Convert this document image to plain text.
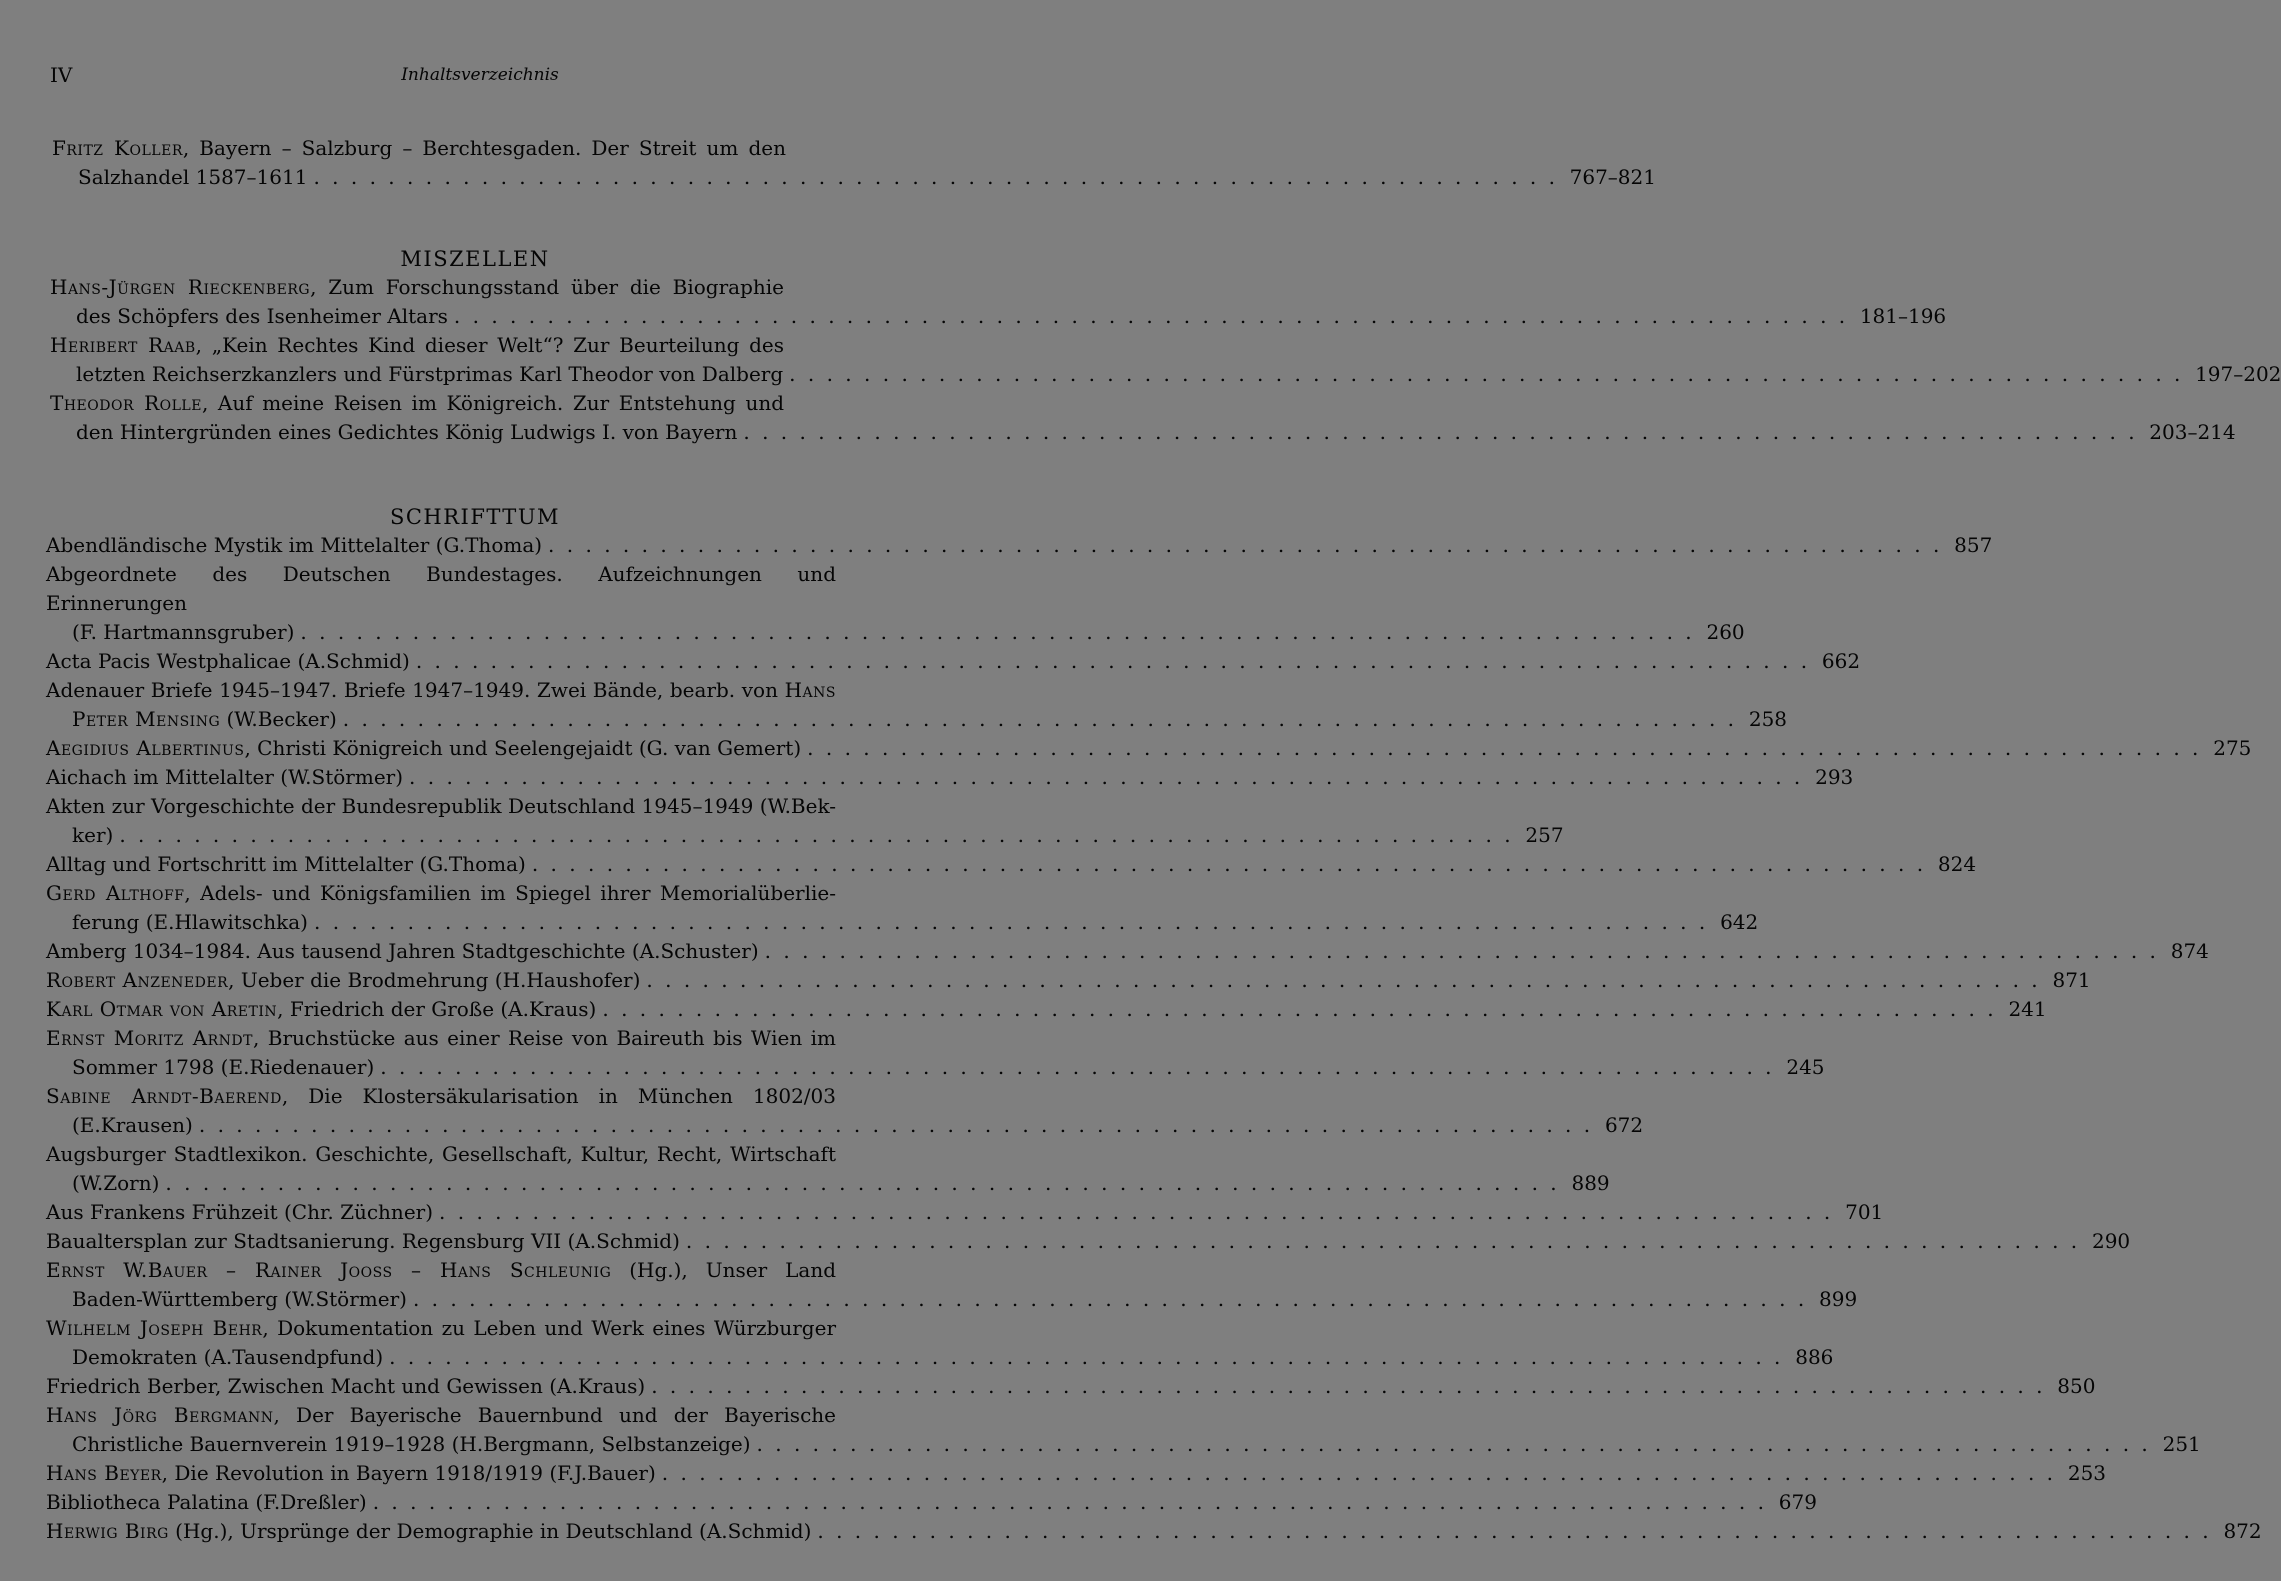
IV	Inhaltsverzeichnis
Fritz Koller, Bayern – Salzburg – Berchtesgaden. Der Streit um den
Salzhandel 1587–1611 . . . . . . . . . . . . . . . . . . . . . . . . . . . . . . . . . . . . . . . . . . . . . . . . . . . . . . . . . . . . . . . . . . . 767–821
MISZELLEN
Hans-Jürgen Rieckenberg, Zum Forschungsstand über die Biographie
des Schöpfers des Isenheimer Altars . . . . . . . . . . . . . . . . . . . . . . . . . . . . . . . . . . . . . . . . . . . . . . . . . . . . . . . . . . . . . . . . . . . . . . . . . . . 181–196
Heribert Raab, „Kein Rechtes Kind dieser Welt“? Zur Beurteilung des
letzten Reichserzkanzlers und Fürstprimas Karl Theodor von Dalberg . . . . . . . . . . . . . . . . . . . . . . . . . . . . . . . . . . . . . . . . . . . . . . . . . . . . . . . . . . . . . . . . . . . . . . . . . . . 197–202
Theodor Rolle, Auf meine Reisen im Königreich. Zur Entstehung und
den Hintergründen eines Gedichtes König Ludwigs I. von Bayern . . . . . . . . . . . . . . . . . . . . . . . . . . . . . . . . . . . . . . . . . . . . . . . . . . . . . . . . . . . . . . . . . . . . . . . . . . . 203–214
SCHRIFTTUM
Abendländische Mystik im Mittelalter (G.Thoma) . . . . . . . . . . . . . . . . . . . . . . . . . . . . . . . . . . . . . . . . . . . . . . . . . . . . . . . . . . . . . . . . . . . . . . . . . . . 857
Abgeordnete des Deutschen Bundestages. Aufzeichnungen und Erinnerungen
(F. Hartmannsgruber) . . . . . . . . . . . . . . . . . . . . . . . . . . . . . . . . . . . . . . . . . . . . . . . . . . . . . . . . . . . . . . . . . . . . . . . . . . . 260
Acta Pacis Westphalicae (A.Schmid) . . . . . . . . . . . . . . . . . . . . . . . . . . . . . . . . . . . . . . . . . . . . . . . . . . . . . . . . . . . . . . . . . . . . . . . . . . . 662
Adenauer Briefe 1945–1947. Briefe 1947–1949. Zwei Bände, bearb. von Hans
Peter Mensing (W.Becker) . . . . . . . . . . . . . . . . . . . . . . . . . . . . . . . . . . . . . . . . . . . . . . . . . . . . . . . . . . . . . . . . . . . . . . . . . . . 258
Aegidius Albertinus, Christi Königreich und Seelengejaidt (G. van Gemert) . . . . . . . . . . . . . . . . . . . . . . . . . . . . . . . . . . . . . . . . . . . . . . . . . . . . . . . . . . . . . . . . . . . . . . . . . . . 275
Aichach im Mittelalter (W.Störmer) . . . . . . . . . . . . . . . . . . . . . . . . . . . . . . . . . . . . . . . . . . . . . . . . . . . . . . . . . . . . . . . . . . . . . . . . . . . 293
Akten zur Vorgeschichte der Bundesrepublik Deutschland 1945–1949 (W.Bek-
ker) . . . . . . . . . . . . . . . . . . . . . . . . . . . . . . . . . . . . . . . . . . . . . . . . . . . . . . . . . . . . . . . . . . . . . . . . . . . 257
Alltag und Fortschritt im Mittelalter (G.Thoma) . . . . . . . . . . . . . . . . . . . . . . . . . . . . . . . . . . . . . . . . . . . . . . . . . . . . . . . . . . . . . . . . . . . . . . . . . . . 824
Gerd Althoff, Adels- und Königsfamilien im Spiegel ihrer Memorialüberlie-
ferung (E.Hlawitschka) . . . . . . . . . . . . . . . . . . . . . . . . . . . . . . . . . . . . . . . . . . . . . . . . . . . . . . . . . . . . . . . . . . . . . . . . . . . 642
Amberg 1034–1984. Aus tausend Jahren Stadtgeschichte (A.Schuster) . . . . . . . . . . . . . . . . . . . . . . . . . . . . . . . . . . . . . . . . . . . . . . . . . . . . . . . . . . . . . . . . . . . . . . . . . . . 874
Robert Anzeneder, Ueber die Brodmehrung (H.Haushofer) . . . . . . . . . . . . . . . . . . . . . . . . . . . . . . . . . . . . . . . . . . . . . . . . . . . . . . . . . . . . . . . . . . . . . . . . . . . 871
Karl Otmar von Aretin, Friedrich der Große (A.Kraus) . . . . . . . . . . . . . . . . . . . . . . . . . . . . . . . . . . . . . . . . . . . . . . . . . . . . . . . . . . . . . . . . . . . . . . . . . . . 241
Ernst Moritz Arndt, Bruchstücke aus einer Reise von Baireuth bis Wien im
Sommer 1798 (E.Riedenauer) . . . . . . . . . . . . . . . . . . . . . . . . . . . . . . . . . . . . . . . . . . . . . . . . . . . . . . . . . . . . . . . . . . . . . . . . . . . 245
Sabine Arndt-Baerend, Die Klostersäkularisation in München 1802/03
(E.Krausen) . . . . . . . . . . . . . . . . . . . . . . . . . . . . . . . . . . . . . . . . . . . . . . . . . . . . . . . . . . . . . . . . . . . . . . . . . . . 672
Augsburger Stadtlexikon. Geschichte, Gesellschaft, Kultur, Recht, Wirtschaft
(W.Zorn) . . . . . . . . . . . . . . . . . . . . . . . . . . . . . . . . . . . . . . . . . . . . . . . . . . . . . . . . . . . . . . . . . . . . . . . . . . . 889
Aus Frankens Frühzeit (Chr. Züchner) . . . . . . . . . . . . . . . . . . . . . . . . . . . . . . . . . . . . . . . . . . . . . . . . . . . . . . . . . . . . . . . . . . . . . . . . . . . 701
Baualtersplan zur Stadtsanierung. Regensburg VII (A.Schmid) . . . . . . . . . . . . . . . . . . . . . . . . . . . . . . . . . . . . . . . . . . . . . . . . . . . . . . . . . . . . . . . . . . . . . . . . . . . 290
Ernst W.Bauer – Rainer Jooss – Hans Schleunig (Hg.), Unser Land
Baden-Württemberg (W.Störmer) . . . . . . . . . . . . . . . . . . . . . . . . . . . . . . . . . . . . . . . . . . . . . . . . . . . . . . . . . . . . . . . . . . . . . . . . . . . 899
Wilhelm Joseph Behr, Dokumentation zu Leben und Werk eines Würzburger
Demokraten (A.Tausendpfund) . . . . . . . . . . . . . . . . . . . . . . . . . . . . . . . . . . . . . . . . . . . . . . . . . . . . . . . . . . . . . . . . . . . . . . . . . . . 886
Friedrich Berber, Zwischen Macht und Gewissen (A.Kraus) . . . . . . . . . . . . . . . . . . . . . . . . . . . . . . . . . . . . . . . . . . . . . . . . . . . . . . . . . . . . . . . . . . . . . . . . . . . 850
Hans Jörg Bergmann, Der Bayerische Bauernbund und der Bayerische
Christliche Bauernverein 1919–1928 (H.Bergmann, Selbstanzeige) . . . . . . . . . . . . . . . . . . . . . . . . . . . . . . . . . . . . . . . . . . . . . . . . . . . . . . . . . . . . . . . . . . . . . . . . . . . 251
Hans Beyer, Die Revolution in Bayern 1918/1919 (F.J.Bauer) . . . . . . . . . . . . . . . . . . . . . . . . . . . . . . . . . . . . . . . . . . . . . . . . . . . . . . . . . . . . . . . . . . . . . . . . . . . 253
Bibliotheca Palatina (F.Dreßler) . . . . . . . . . . . . . . . . . . . . . . . . . . . . . . . . . . . . . . . . . . . . . . . . . . . . . . . . . . . . . . . . . . . . . . . . . . . 679
Herwig Birg (Hg.), Ursprünge der Demographie in Deutschland (A.Schmid) . . . . . . . . . . . . . . . . . . . . . . . . . . . . . . . . . . . . . . . . . . . . . . . . . . . . . . . . . . . . . . . . . . . . . . . . . . . 872
